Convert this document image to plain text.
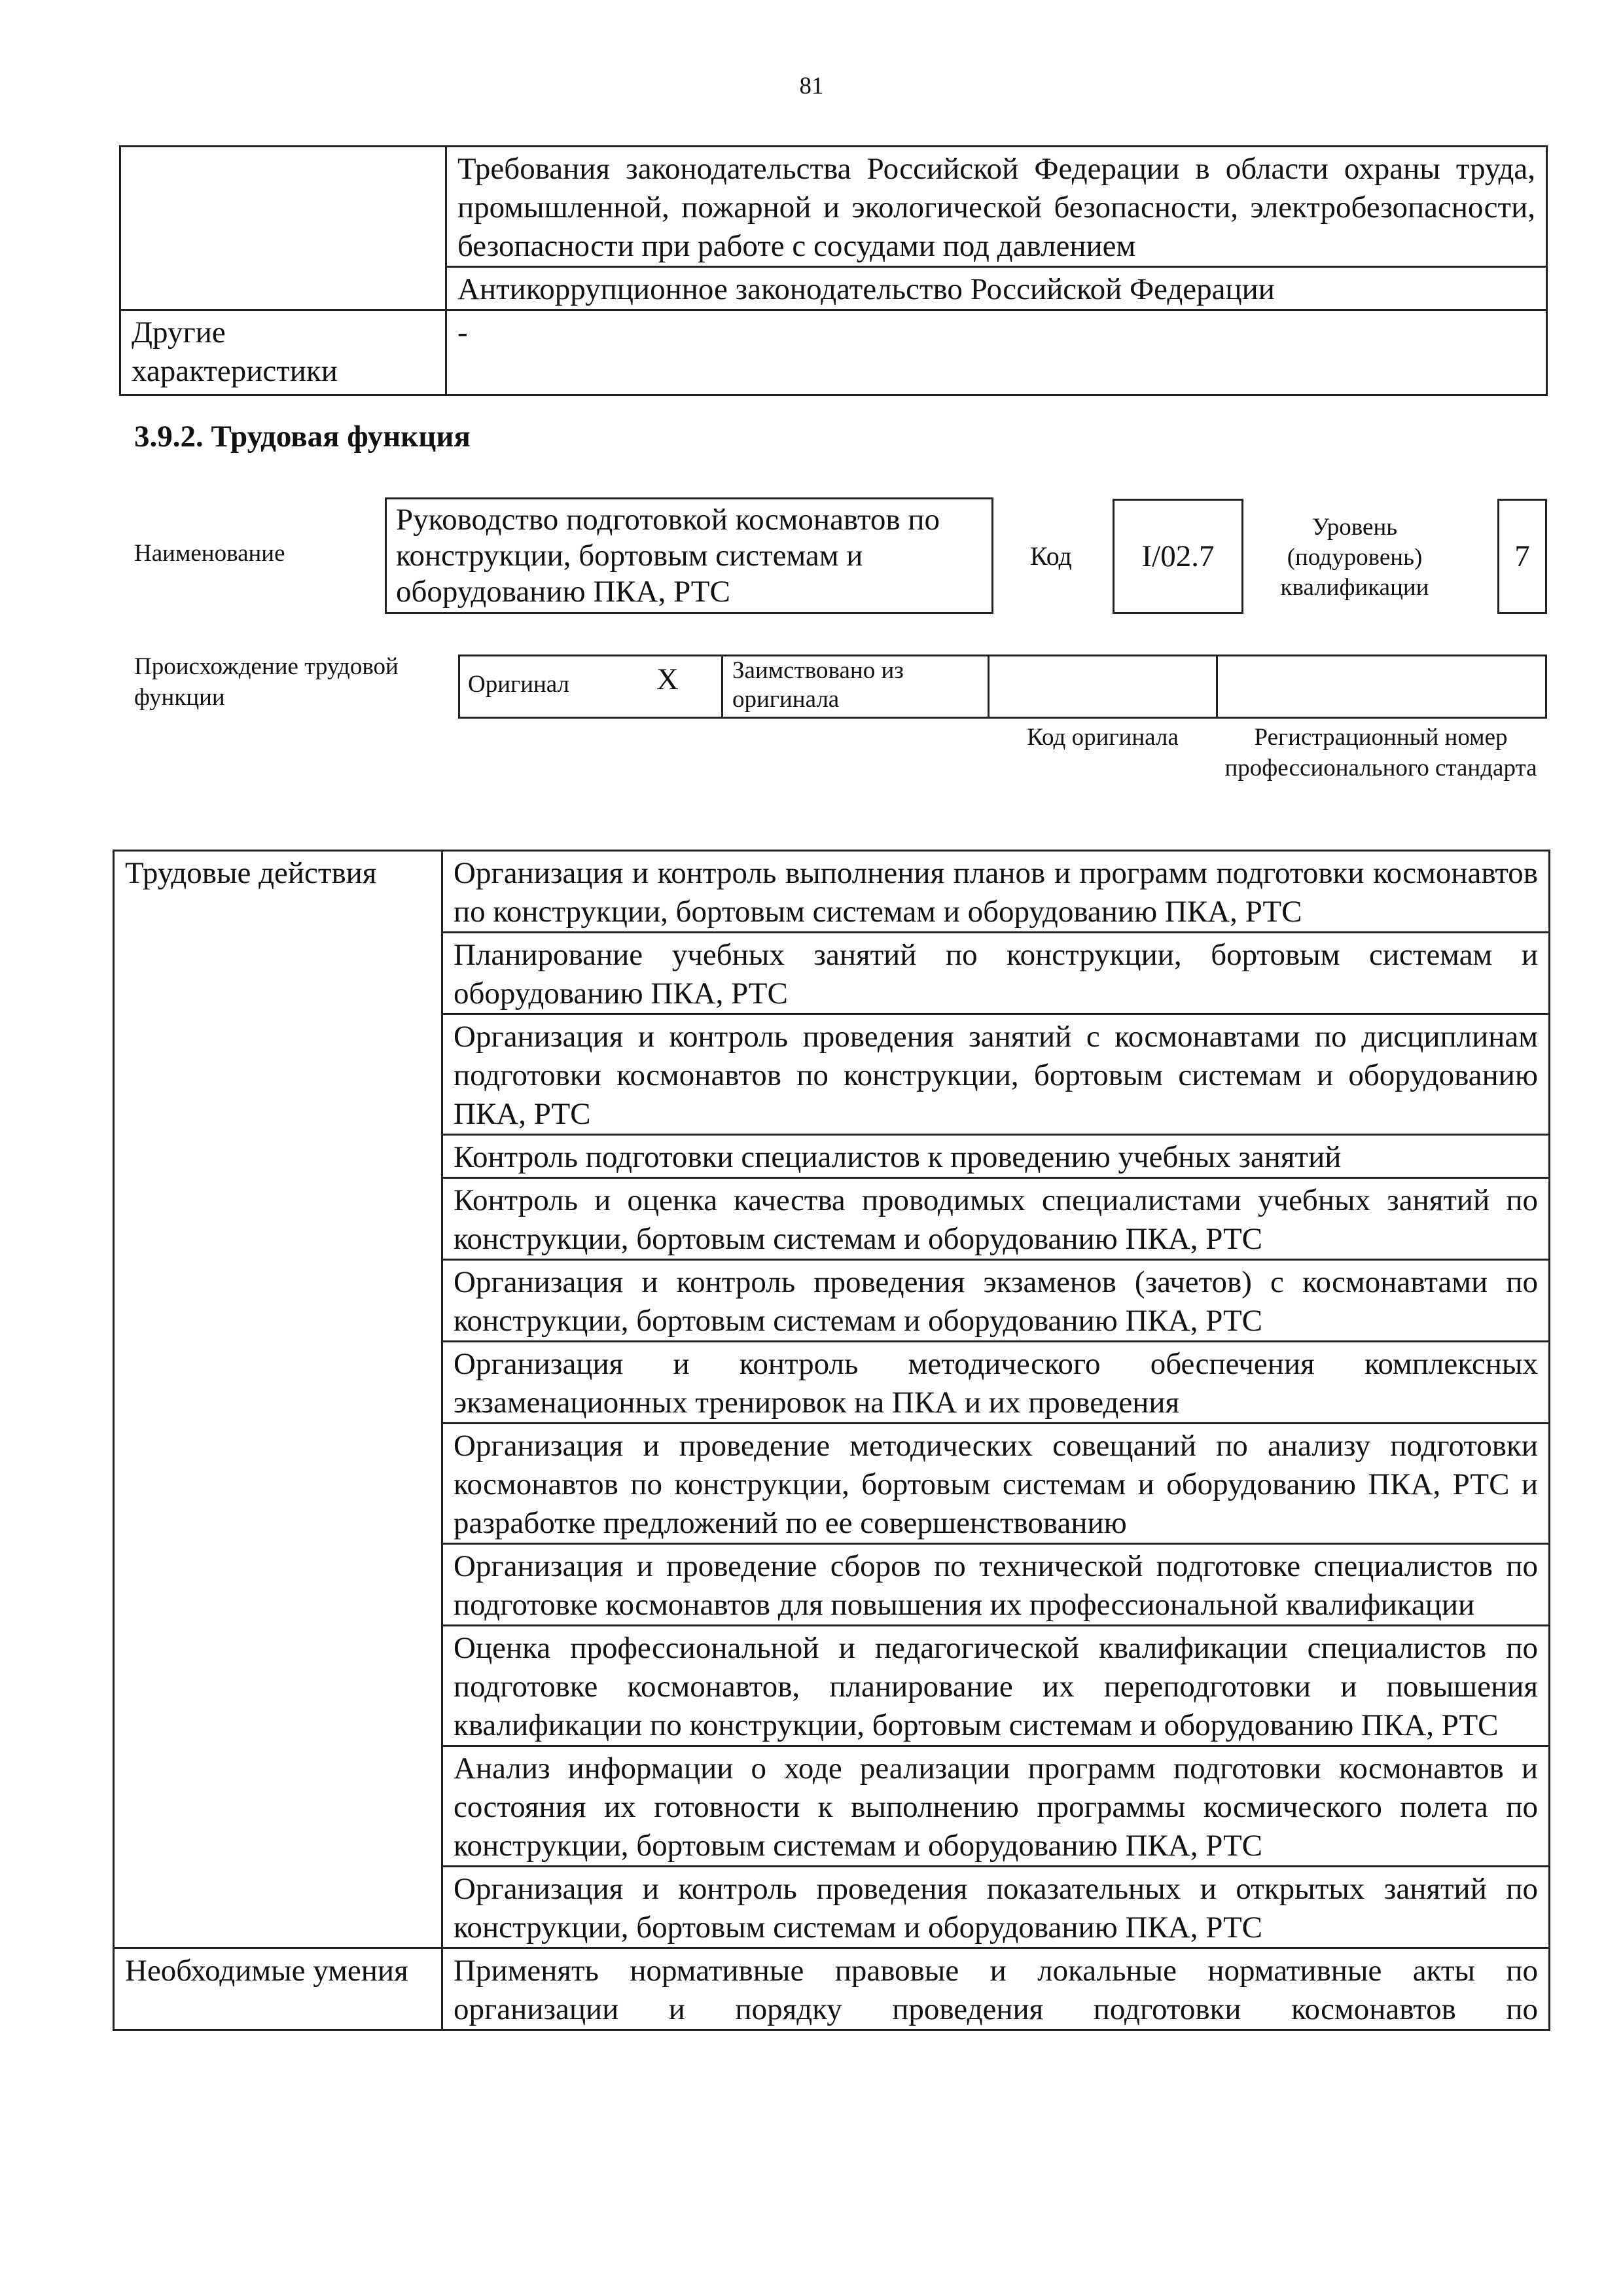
81
	Требования законодательства Российской Федерации в области охраны труда, промышленной, пожарной и экологической безопасности, электробезопасности, безопасности при работе с сосудами под давлением
	Антикоррупционное законодательство Российской Федерации
Другие характеристики	-
3.9.2. Трудовая функция
Наименование
Руководство подготовкой космонавтов по конструкции, бортовым системам и оборудованию ПКА, РТС
Код I/02.7
Уровень (подуровень) квалификации
7
Происхождение трудовой функции	Оригинал	X	Заимствовано из оригинала
Код оригинала	Регистрационный номер профессионального стандарта
Трудовые действия	Организация и контроль выполнения планов и программ подготовки космонавтов по конструкции, бортовым системам и оборудованию ПКА, РТС
	Планирование учебных занятий по конструкции, бортовым системам и оборудованию ПКА, РТС
	Организация и контроль проведения занятий с космонавтами по дисциплинам подготовки космонавтов по конструкции, бортовым системам и оборудованию ПКА, РТС
	Контроль подготовки специалистов к проведению учебных занятий
	Контроль и оценка качества проводимых специалистами учебных занятий по конструкции, бортовым системам и оборудованию ПКА, РТС
	Организация и контроль проведения экзаменов (зачетов) с космонавтами по конструкции, бортовым системам и оборудованию ПКА, РТС
	Организация и контроль методического обеспечения комплексных экзаменационных тренировок на ПКА и их проведения
	Организация и проведение методических совещаний по анализу подготовки космонавтов по конструкции, бортовым системам и оборудованию ПКА, РТС и разработке предложений по ее совершенствованию
	Организация и проведение сборов по технической подготовке специалистов по подготовке космонавтов для повышения их профессиональной квалификации
	Оценка профессиональной и педагогической квалификации специалистов по подготовке космонавтов, планирование их переподготовки и повышения квалификации по конструкции, бортовым системам и оборудованию ПКА, РТС
	Анализ информации о ходе реализации программ подготовки космонавтов и состояния их готовности к выполнению программы космического полета по конструкции, бортовым системам и оборудованию ПКА, РТС
	Организация и контроль проведения показательных и открытых занятий по конструкции, бортовым системам и оборудованию ПКА, РТС
Необходимые умения	Применять нормативные правовые и локальные нормативные акты по организации и порядку проведения подготовки космонавтов по
